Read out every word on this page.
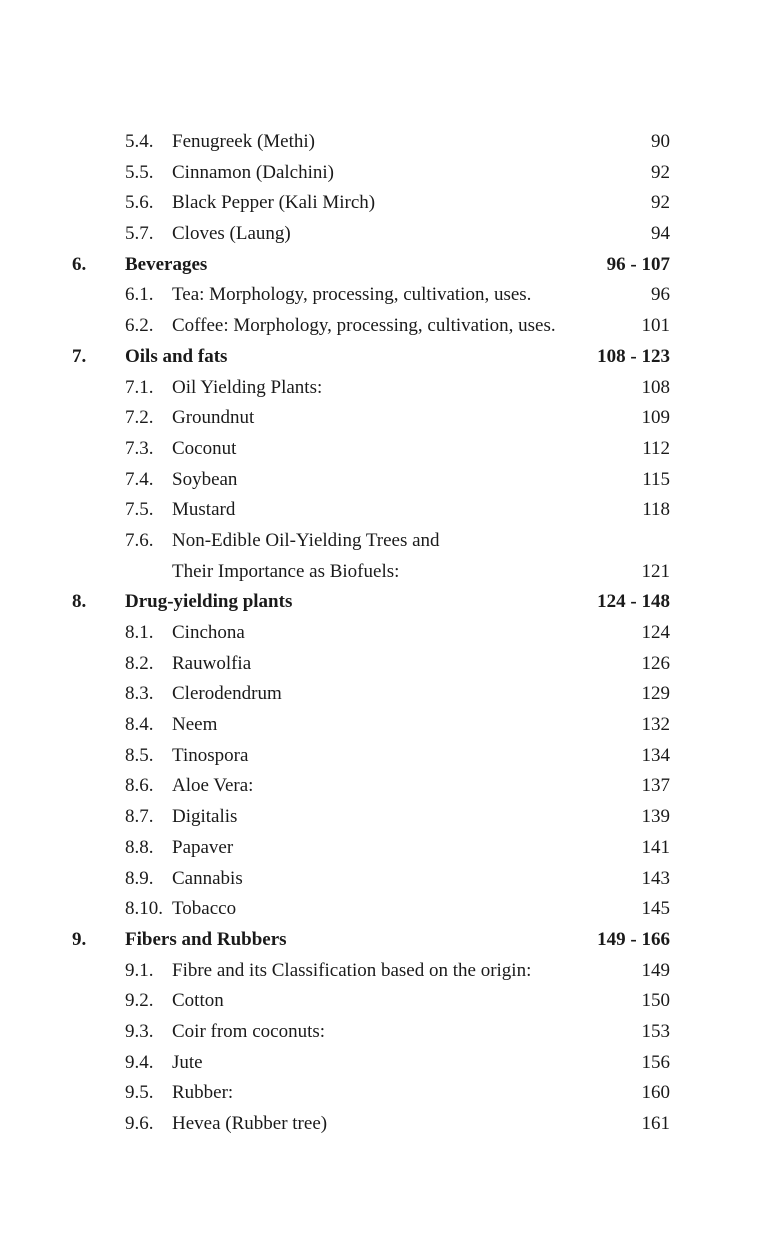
5.4. Fenugreek (Methi)	90
5.5. Cinnamon (Dalchini)	92
5.6. Black Pepper (Kali Mirch)	92
5.7. Cloves (Laung)	94
6. Beverages	96 - 107
6.1. Tea: Morphology, processing, cultivation, uses.	96
6.2. Coffee: Morphology, processing, cultivation, uses.	101
7. Oils and fats	108 - 123
7.1. Oil Yielding Plants:	108
7.2. Groundnut	109
7.3. Coconut	112
7.4. Soybean	115
7.5. Mustard	118
7.6. Non-Edible Oil-Yielding Trees and
Their Importance as Biofuels:	121
8. Drug-yielding plants	124 - 148
8.1. Cinchona	124
8.2. Rauwolfia	126
8.3. Clerodendrum	129
8.4. Neem	132
8.5. Tinospora	134
8.6. Aloe Vera:	137
8.7. Digitalis	139
8.8. Papaver	141
8.9. Cannabis	143
8.10. Tobacco	145
9. Fibers and Rubbers	149 - 166
9.1. Fibre and its Classification based on the origin:	149
9.2. Cotton	150
9.3. Coir from coconuts:	153
9.4. Jute	156
9.5. Rubber:	160
9.6. Hevea (Rubber tree)	161
